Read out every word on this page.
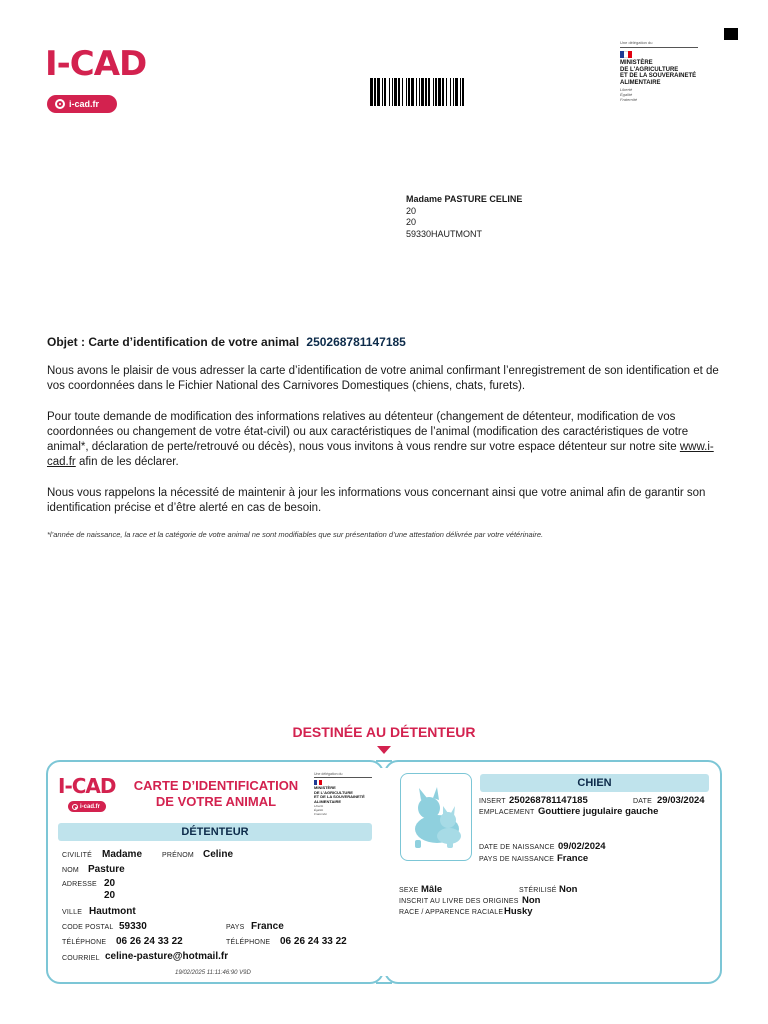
I-CAD
i-cad.fr
Une délégation du
MINISTÈRE
DE L'AGRICULTURE
ET DE LA SOUVERAINETÉ
ALIMENTAIRE
Liberté
Égalité
Fraternité
Madame PASTURE CELINE
20
20
59330HAUTMONT
Objet : Carte d’identification de votre animal 250268781147185
Nous avons le plaisir de vous adresser la carte d’identification de votre animal confirmant l’enregistrement de son identification et de vos coordonnées dans le Fichier National des Carnivores Domestiques (chiens, chats, furets).
Pour toute demande de modification des informations relatives au détenteur (changement de détenteur, modification de vos coordonnées ou changement de votre état-civil) ou aux caractéristiques de l’animal (modification des caractéristiques de votre animal*, déclaration de perte/retrouvé ou décès), nous vous invitons à vous rendre sur votre espace détenteur sur notre site www.i-cad.fr afin de les déclarer.
Nous vous rappelons la nécessité de maintenir à jour les informations vous concernant ainsi que votre animal afin de garantir son identification précise et d’être alerté en cas de besoin.
*l’année de naissance, la race et la catégorie de votre animal ne sont modifiables que sur présentation d’une attestation délivrée par votre vétérinaire.
DESTINÉE AU DÉTENTEUR
I-CAD
i-cad.fr
CARTE D’IDENTIFICATION
DE VOTRE ANIMAL
Une délégation du
MINISTÈRE
DE L'AGRICULTURE
ET DE LA SOUVERAINETÉ
ALIMENTAIRE
Liberté
Égalité
Fraternité
DÉTENTEUR
CIVILITÉ Madame	PRÉNOM Celine
NOM Pasture
ADRESSE 20
20
VILLE Hautmont
CODE POSTAL 59330	PAYS France
TÉLÉPHONE 06 26 24 33 22	TÉLÉPHONE 06 26 24 33 22
COURRIEL celine-pasture@hotmail.fr
19/02/2025 11:11:46:90 V9D
CHIEN
INSERT 250268781147185	DATE 29/03/2024
EMPLACEMENT Gouttiere jugulaire gauche
DATE DE NAISSANCE 09/02/2024
PAYS DE NAISSANCE France
SEXE Mâle	STÉRILISÉ Non
INSCRIT AU LIVRE DES ORIGINES Non
RACE / APPARENCE RACIALE Husky
